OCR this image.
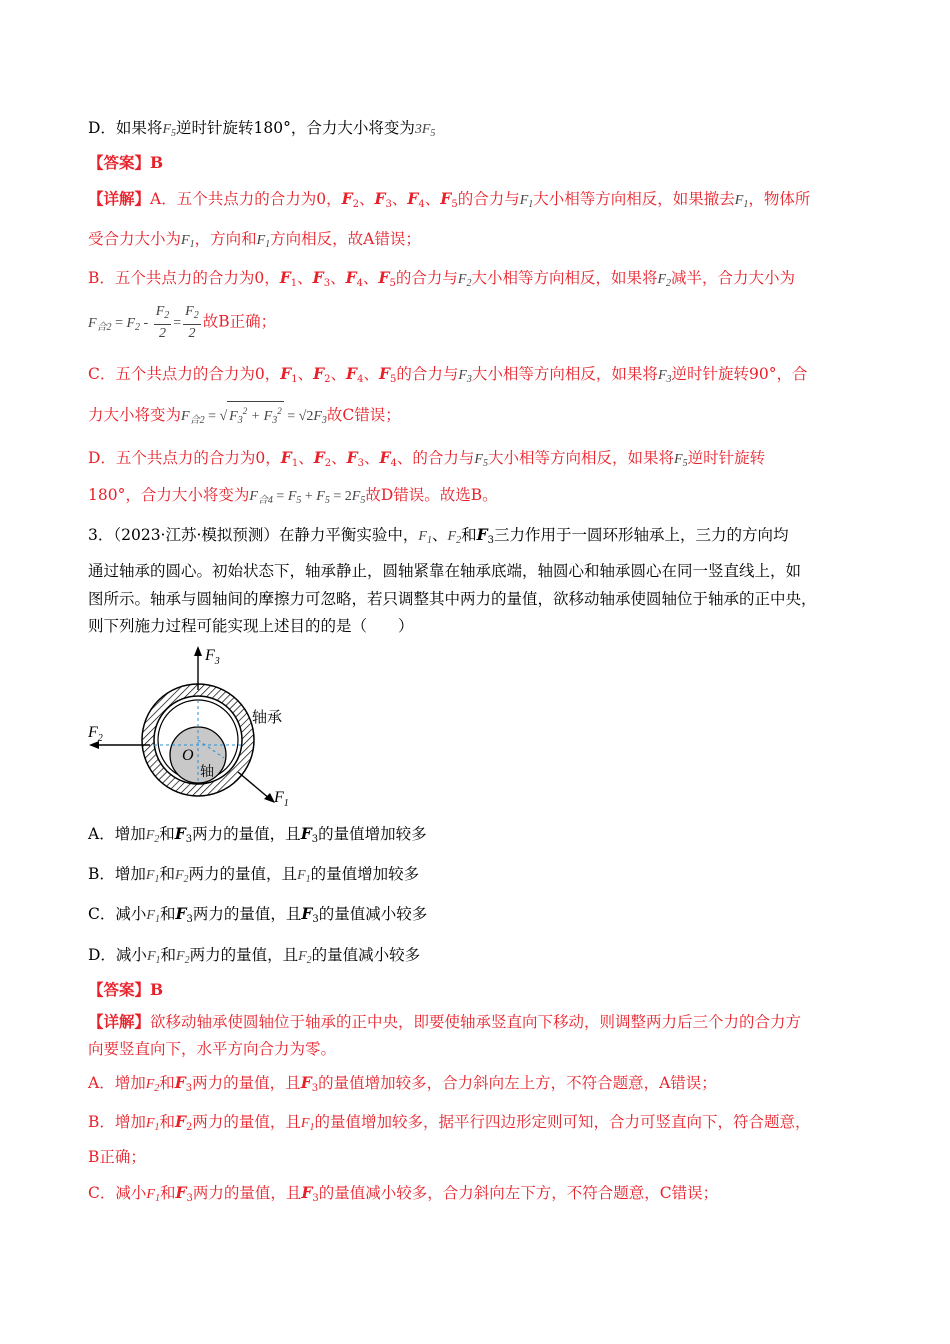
D．如果将$F_5$逆时针旋转180°，合力大小将变为$3F_5$
【答案】B
【详解】A．五个共点力的合力为0，$F_2$、$F_3$、$F_4$、$F_5$的合力与$F_1$大小相等方向相反，如果撤去$F_1$，物体所
受合力大小为$F_1$，方向和$F_1$方向相反，故A错误；
B．五个共点力的合力为0，$F_1$、$F_3$、$F_4$、$F_5$的合力与$F_2$大小相等方向相反，如果将$F_2$减半，合力大小为
$F_{合2} = F_2 - \frac{F_2}{2} = \frac{F_2}{2}$ 故B正确；
C．五个共点力的合力为0，$F_1$、$F_2$、$F_4$、$F_5$的合力与$F_3$大小相等方向相反，如果将$F_3$逆时针旋转90°，合
力大小将变为$F_{合2}$ = √ $F_3^2 + F_3^2 = √2F_3$故C错误；
D．五个共点力的合力为0，$F_1$、$F_2$、$F_3$、$F_4$、的合力与$F_5$大小相等方向相反，如果将$F_5$逆时针旋转
180°，合力大小将变为$F_{合4} = F_5 + F_5 = 2F_5$故D错误。故选B。
3．（2023·江苏·模拟预测）在静力平衡实验中，$F_1$、$F_2$和$F_3$三力作用于一圆环形轴承上，三力的方向均
通过轴承的圆心。初始状态下，轴承静止，圆轴紧靠在轴承底端，轴圆心和轴承圆心在同一竖直线上，如
图所示。轴承与圆轴间的摩擦力可忽略，若只调整其中两力的量值，欲移动轴承使圆轴位于轴承的正中央，
则下列施力过程可能实现上述目的的是（　　）
$F_3$
$F_2$
$F_1$
轴承
轴
O
A．增加$F_2$和$F_3$两力的量值，且$F_3$的量值增加较多
B．增加$F_1$和$F_2$两力的量值，且$F_1$的量值增加较多
C．减小$F_1$和$F_3$两力的量值，且$F_3$的量值减小较多
D．减小$F_1$和$F_2$两力的量值，且$F_2$的量值减小较多
【答案】B
【详解】欲移动轴承使圆轴位于轴承的正中央，即要使轴承竖直向下移动，则调整两力后三个力的合力方
向要竖直向下，水平方向合力为零。
A．增加$F_2$和$F_3$两力的量值，且$F_3$的量值增加较多，合力斜向左上方，不符合题意，A错误；
B．增加$F_1$和$F_2$两力的量值，且$F_1$的量值增加较多，据平行四边形定则可知，合力可竖直向下，符合题意，
B正确；
C．减小$F_1$和$F_3$两力的量值，且$F_3$的量值减小较多，合力斜向左下方，不符合题意，C错误；
